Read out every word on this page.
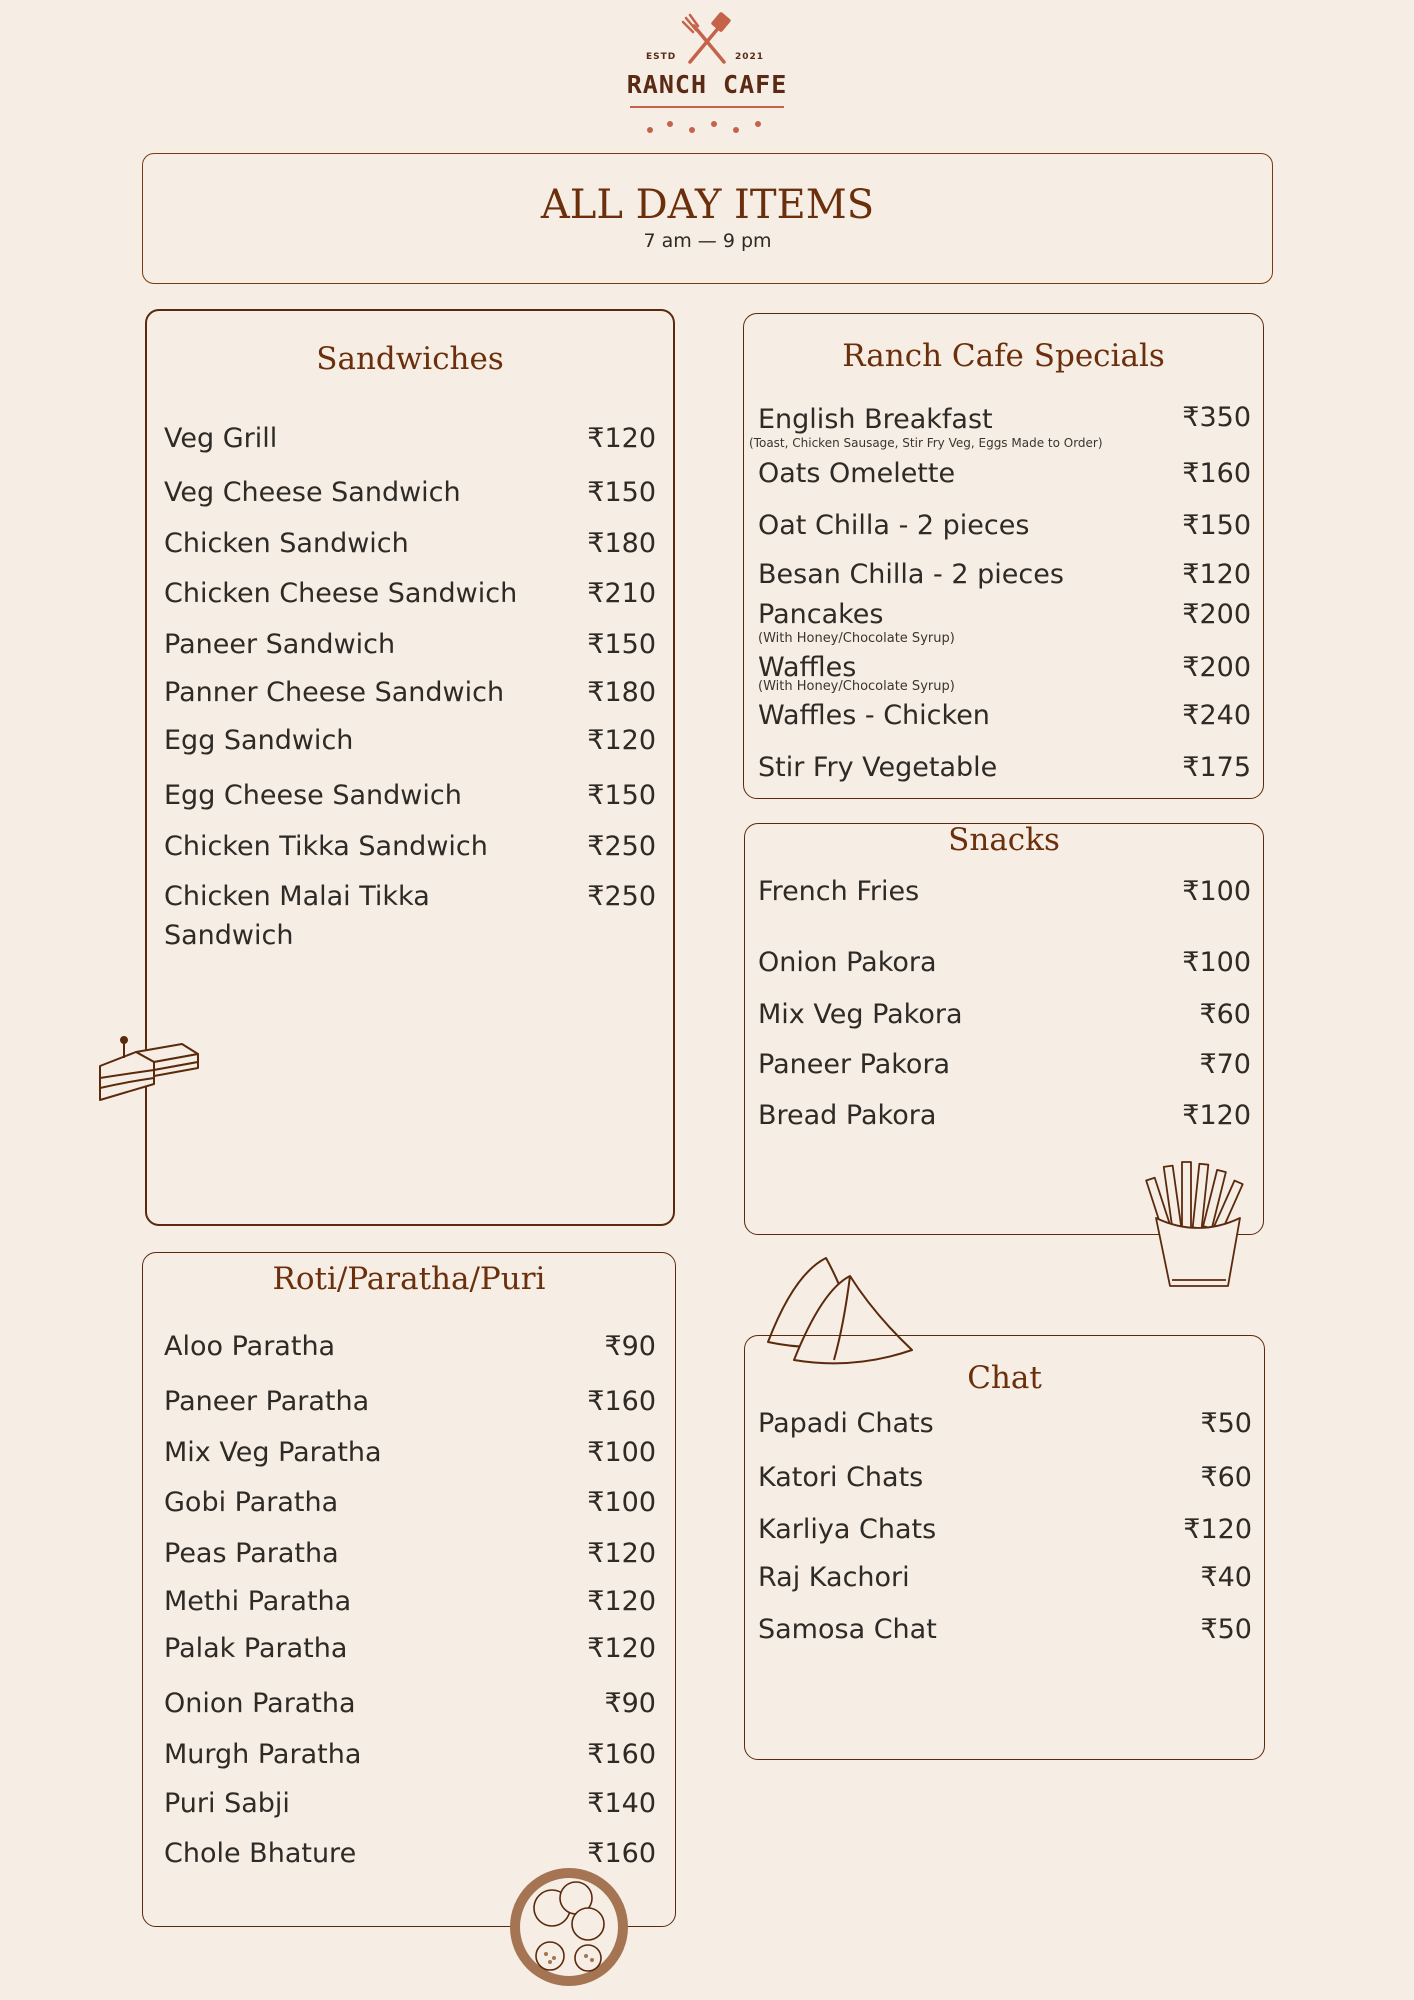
ESTD	2021
RANCH CAFE
ALL DAY ITEMS
7 am — 9 pm
Sandwiches
Veg Grill	₹120
Veg Cheese Sandwich	₹150
Chicken Sandwich	₹180
Chicken Cheese Sandwich	₹210
Paneer Sandwich	₹150
Panner Cheese Sandwich	₹180
Egg Sandwich	₹120
Egg Cheese Sandwich	₹150
Chicken Tikka Sandwich	₹250
Chicken Malai Tikka
Sandwich
₹250
Ranch Cafe Specials
English Breakfast	₹350
(Toast, Chicken Sausage, Stir Fry Veg, Eggs Made to Order)
Oats Omelette	₹160
Oat Chilla - 2 pieces	₹150
Besan Chilla - 2 pieces	₹120
Pancakes	₹200
(With Honey/Chocolate Syrup)
Waffles	₹200
(With Honey/Chocolate Syrup)
Waffles - Chicken	₹240
Stir Fry Vegetable	₹175
Snacks
French Fries	₹100
Onion Pakora	₹100
Mix Veg Pakora	₹60
Paneer Pakora	₹70
Bread Pakora	₹120
Roti/Paratha/Puri
Aloo Paratha	₹90
Paneer Paratha	₹160
Mix Veg Paratha	₹100
Gobi Paratha	₹100
Peas Paratha	₹120
Methi Paratha	₹120
Palak Paratha	₹120
Onion Paratha	₹90
Murgh Paratha	₹160
Puri Sabji	₹140
Chole Bhature	₹160
Chat
Papadi Chats	₹50
Katori Chats	₹60
Karliya Chats	₹120
Raj Kachori	₹40
Samosa Chat	₹50
